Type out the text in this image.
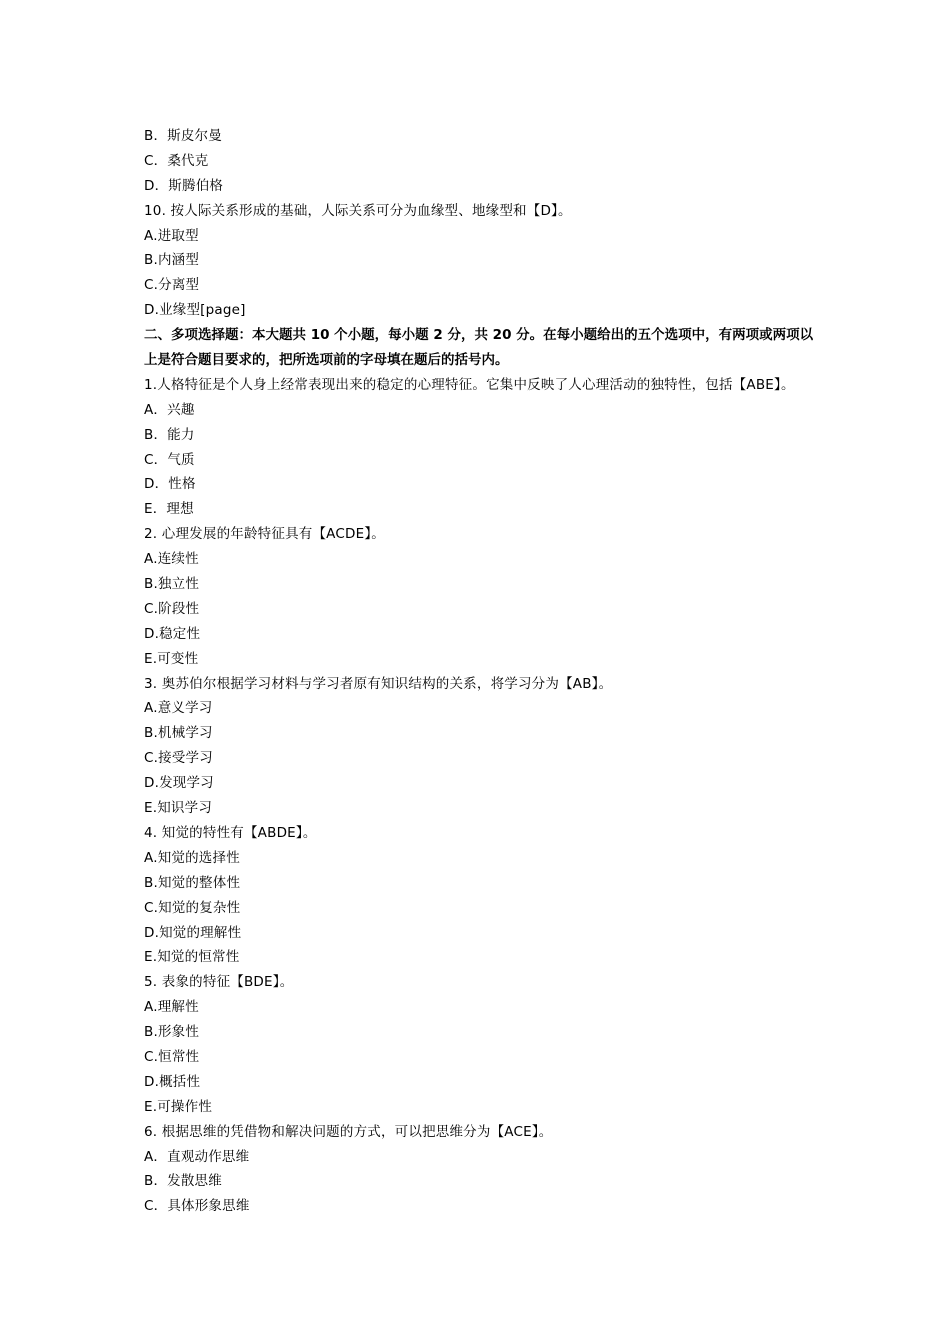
B．斯皮尔曼
C．桑代克
D．斯腾伯格
10. 按人际关系形成的基础，人际关系可分为血缘型、地缘型和【D】。
A.进取型
B.内涵型
C.分离型
D.业缘型[page]
二、多项选择题：本大题共 10 个小题，每小题 2 分，共 20 分。在每小题给出的五个选项中，有两项或两项以
上是符合题目要求的，把所选项前的字母填在题后的括号内。
1.人格特征是个人身上经常表现出来的稳定的心理特征。它集中反映了人心理活动的独特性，包括【ABE】。
A．兴趣
B．能力
C．气质
D．性格
E．理想
2. 心理发展的年龄特征具有【ACDE】。
A.连续性
B.独立性
C.阶段性
D.稳定性
E.可变性
3. 奥苏伯尔根据学习材料与学习者原有知识结构的关系，将学习分为【AB】。
A.意义学习
B.机械学习
C.接受学习
D.发现学习
E.知识学习
4. 知觉的特性有【ABDE】。
A.知觉的选择性
B.知觉的整体性
C.知觉的复杂性
D.知觉的理解性
E.知觉的恒常性
5. 表象的特征【BDE】。
A.理解性
B.形象性
C.恒常性
D.概括性
E.可操作性
6. 根据思维的凭借物和解决问题的方式，可以把思维分为【ACE】。
A．直观动作思维
B．发散思维
C．具体形象思维
